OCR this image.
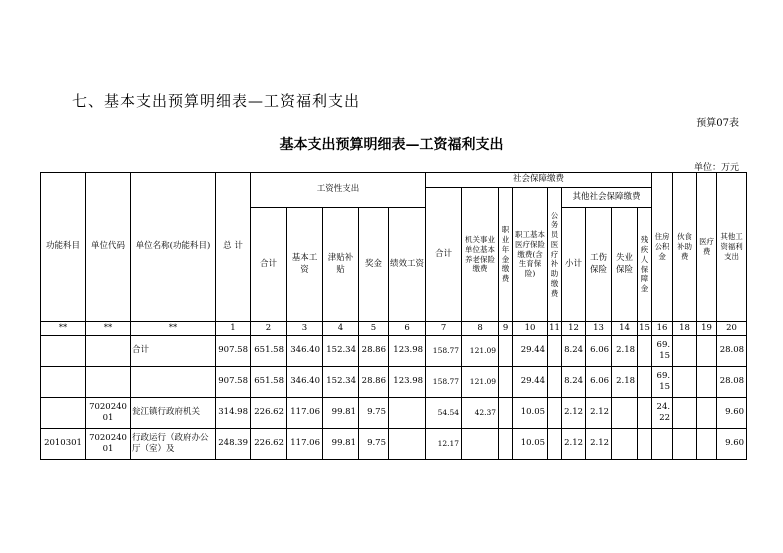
七、基本支出预算明细表—工资福利支出
预算07表
基本支出预算明细表—工资福利支出
单位：万元
功能科目	单位代码	单位名称(功能科目)	总 计	工资性支出					社会保障缴费									住房公积金	伙食补助费	医疗费	其他工资福利支出
									合计	机关事业单位基本养老保险缴费	职业年金缴费	职工基本医疗保险缴费(含生育保险)	公务员医疗补助缴费	其他社会保障缴费							
				合计	基本工资	津贴补贴	奖金	绩效工资						小计	工伤保险	失业保险	残疾人保障金				
**	**	**	1	2	3	4	5	6	7	8	9	10	11	12	13	14	15	16	18	19	20
		合计	907.58	651.58	346.40	152.34	28.86	123.98	158.77	121.09		29.44		8.24	6.06	2.18		69.15			28.08
			907.58	651.58	346.40	152.34	28.86	123.98	158.77	121.09		29.44		8.24	6.06	2.18		69.15			28.08
	702024001	瓮江镇行政府机关	314.98	226.62	117.06	99.81	9.75		54.54	42.37		10.05		2.12	2.12			24.22			9.60
2010301	702024001	行政运行（政府办公厅（室）及	248.39	226.62	117.06	99.81	9.75		12.17			10.05		2.12	2.12						9.60
